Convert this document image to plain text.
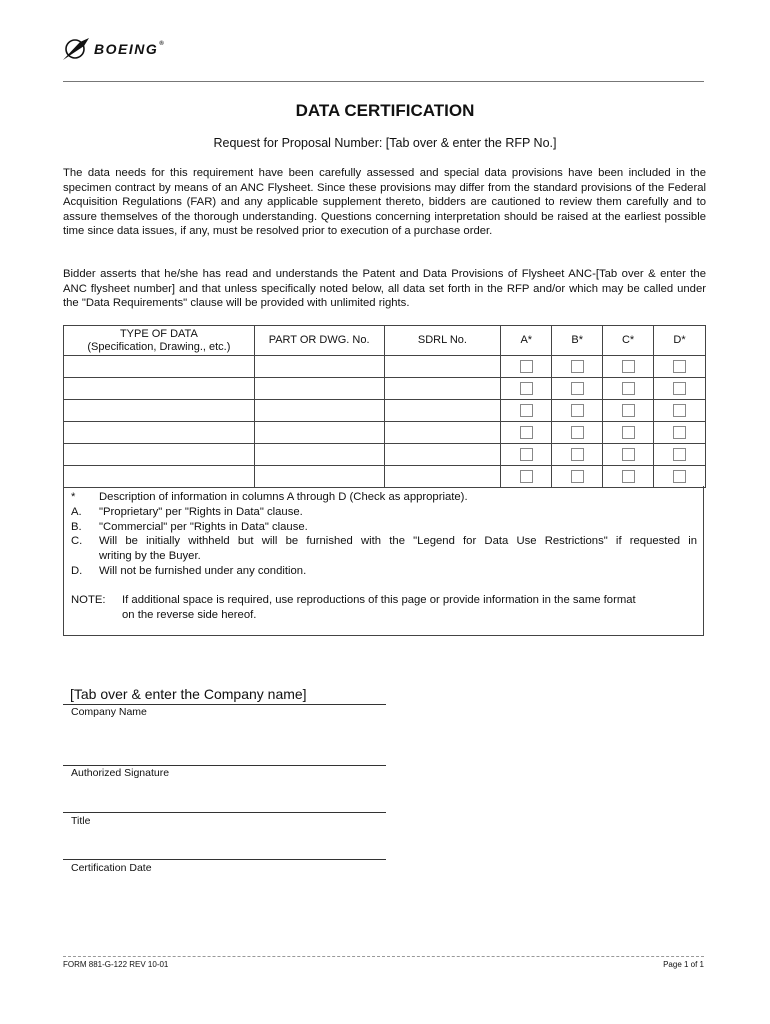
BOEING®
DATA CERTIFICATION
Request for Proposal Number: [Tab over & enter the RFP No.]
The data needs for this requirement have been carefully assessed and special data provisions have been included in the specimen contract by means of an ANC Flysheet. Since these provisions may differ from the standard provisions of the Federal Acquisition Regulations (FAR) and any applicable supplement thereto, bidders are cautioned to review them carefully and to assure themselves of the thorough understanding. Questions concerning interpretation should be raised at the earliest possible time since data issues, if any, must be resolved prior to execution of a purchase order.
Bidder asserts that he/she has read and understands the Patent and Data Provisions of Flysheet ANC-[Tab over & enter the ANC flysheet number] and that unless specifically noted below, all data set forth in the RFP and/or which may be called under the "Data Requirements" clause will be provided with unlimited rights.
TYPE OF DATA
(Specification, Drawing., etc.)	PART OR DWG. No.	SDRL No.	A*	B*	C*	D*

* Description of information in columns A through D (Check as appropriate).
A. "Proprietary" per "Rights in Data" clause.
B. "Commercial" per "Rights in Data" clause.
C.	Will be initially withheld but will be furnished with the "Legend for Data Use Restrictions" if requested in
writing by the Buyer.
D. Will not be furnished under any condition.
NOTE:	If additional space is required, use reproductions of this page or provide information in the same format
on the reverse side hereof.
[Tab over & enter the Company name]
Company Name
Authorized Signature
Title
Certification Date
FORM 881-G-122 REV 10-01	Page 1 of 1
